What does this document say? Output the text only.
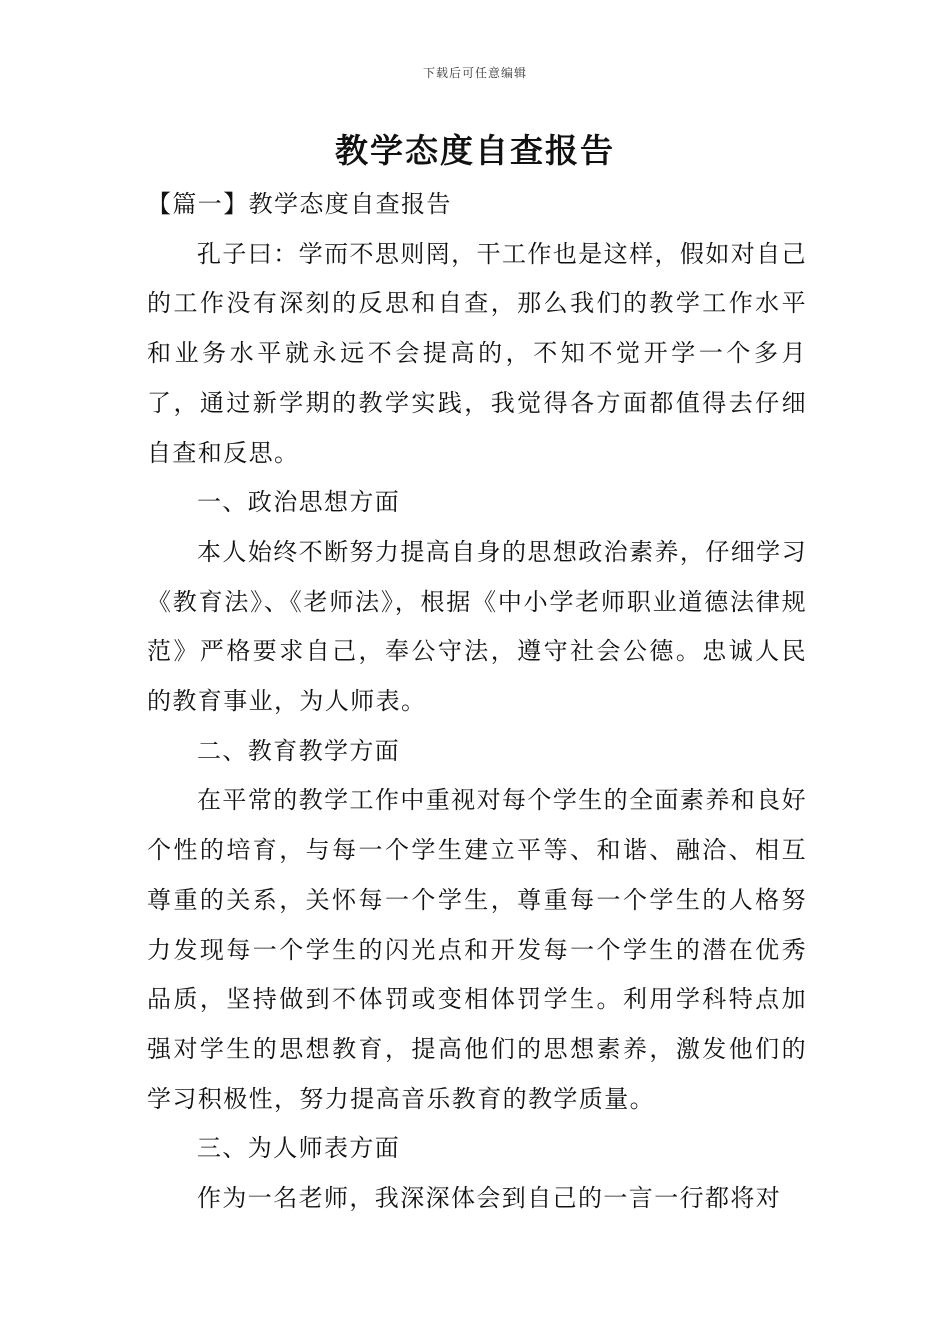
下载后可任意编辑
教学态度自查报告

【篇一】教学态度自查报告

孔子曰：学而不思则罔，干工作也是这样，假如对自己的工作没有深刻的反思和自查，那么我们的教学工作水平和业务水平就永远不会提高的，不知不觉开学一个多月了，通过新学期的教学实践，我觉得各方面都值得去仔细自查和反思。

一、政治思想方面

本人始终不断努力提高自身的思想政治素养，仔细学习《教育法》、《老师法》，根据《中小学老师职业道德法律规范》严格要求自己，奉公守法，遵守社会公德。忠诚人民的教育事业，为人师表。

二、教育教学方面

在平常的教学工作中重视对每个学生的全面素养和良好个性的培育，与每一个学生建立平等、和谐、融洽、相互尊重的关系，关怀每一个学生，尊重每一个学生的人格努力发现每一个学生的闪光点和开发每一个学生的潜在优秀品质，坚持做到不体罚或变相体罚学生。利用学科特点加强对学生的思想教育，提高他们的思想素养，激发他们的学习积极性，努力提高音乐教育的教学质量。

三、为人师表方面

作为一名老师，我深深体会到自己的一言一行都将对
